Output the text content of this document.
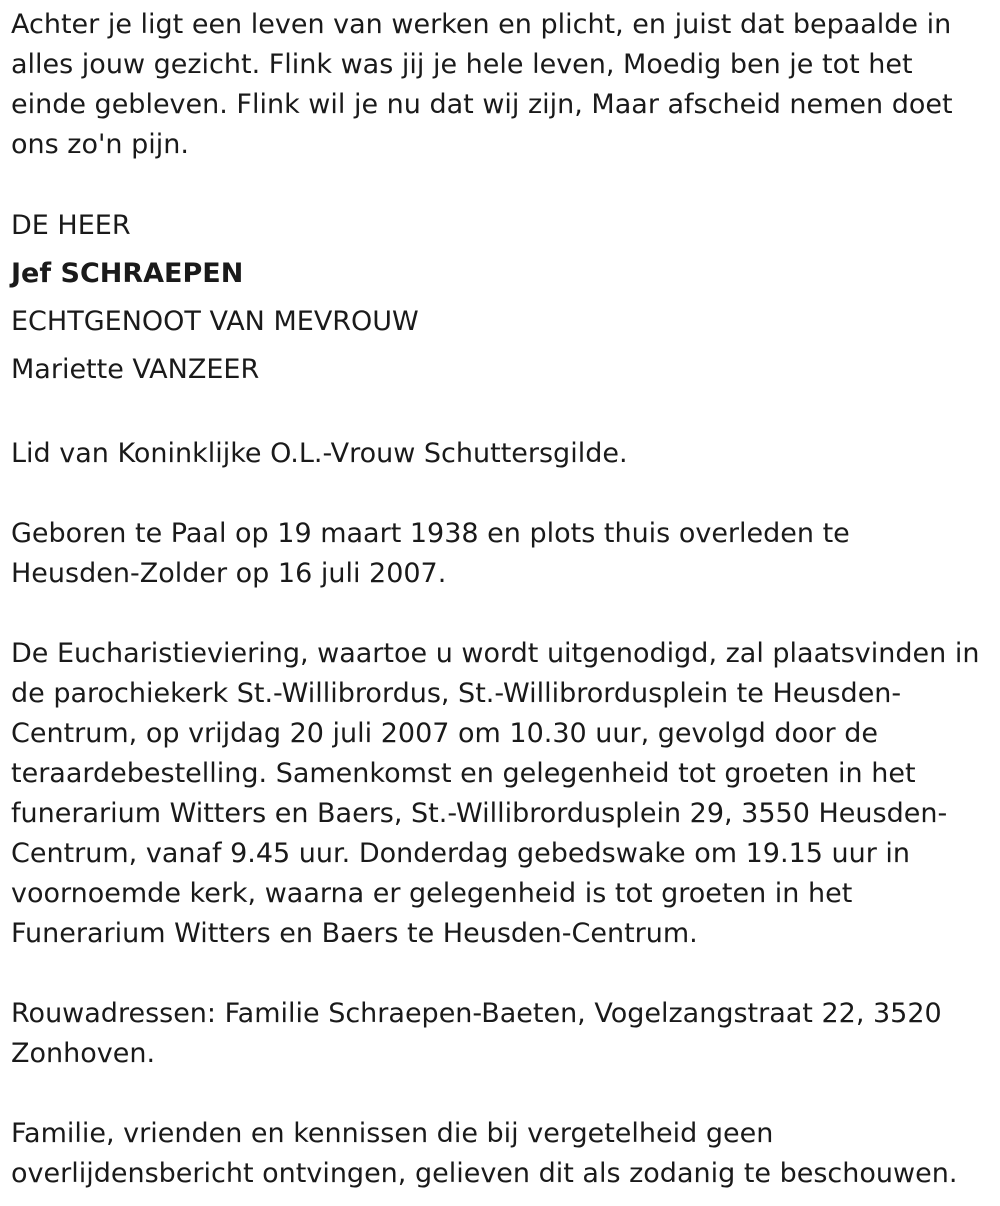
Achter je ligt een leven van werken en plicht, en juist dat bepaalde in alles jouw gezicht. Flink was jij je hele leven, Moedig ben je tot het einde gebleven. Flink wil je nu dat wij zijn, Maar afscheid nemen doet ons zo'n pijn.

DE HEER

Jef SCHRAEPEN

ECHTGENOOT VAN MEVROUW

Mariette VANZEER

Lid van Koninklijke O.L.-Vrouw Schuttersgilde.

Geboren te Paal op 19 maart 1938 en plots thuis overleden te Heusden-Zolder op 16 juli 2007.

De Eucharistieviering, waartoe u wordt uitgenodigd, zal plaatsvinden in de parochiekerk St.-Willibrordus, St.-Willibrordusplein te Heusden-Centrum, op vrijdag 20 juli 2007 om 10.30 uur, gevolgd door de teraardebestelling. Samenkomst en gelegenheid tot groeten in het funerarium Witters en Baers, St.-Willibrordusplein 29, 3550 Heusden-Centrum, vanaf 9.45 uur. Donderdag gebedswake om 19.15 uur in voornoemde kerk, waarna er gelegenheid is tot groeten in het Funerarium Witters en Baers te Heusden-Centrum.

Rouwadressen: Familie Schraepen-Baeten, Vogelzangstraat 22, 3520 Zonhoven.

Familie, vrienden en kennissen die bij vergetelheid geen overlijdensbericht ontvingen, gelieven dit als zodanig te beschouwen.
